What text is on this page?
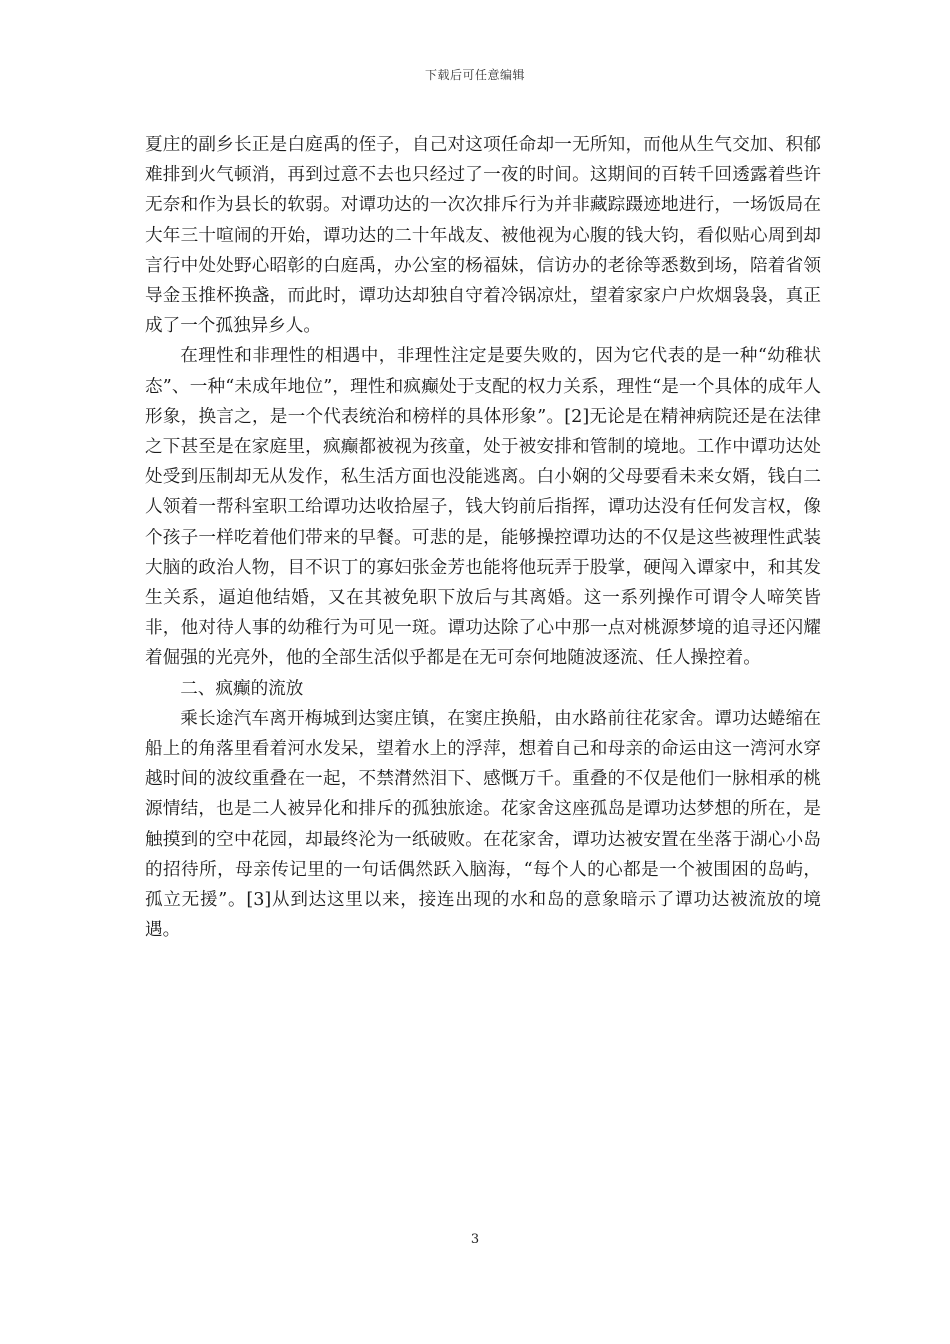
下载后可任意编辑

夏庄的副乡长正是白庭禹的侄子，自己对这项任命却一无所知，而他从生气交加、积郁难排到火气顿消，再到过意不去也只经过了一夜的时间。这期间的百转千回透露着些许无奈和作为县长的软弱。对谭功达的一次次排斥行为并非藏踪蹑迹地进行，一场饭局在大年三十喧闹的开始，谭功达的二十年战友、被他视为心腹的钱大钧，看似贴心周到却言行中处处野心昭彰的白庭禹，办公室的杨福妹，信访办的老徐等悉数到场，陪着省领导金玉推杯换盏，而此时，谭功达却独自守着冷锅凉灶，望着家家户户炊烟袅袅，真正成了一个孤独异乡人。

在理性和非理性的相遇中，非理性注定是要失败的，因为它代表的是一种“幼稚状态”、一种“未成年地位”，理性和疯癫处于支配的权力关系，理性“是一个具体的成年人形象，换言之，是一个代表统治和榜样的具体形象”。[2]无论是在精神病院还是在法律之下甚至是在家庭里，疯癫都被视为孩童，处于被安排和管制的境地。工作中谭功达处处受到压制却无从发作，私生活方面也没能逃离。白小娴的父母要看未来女婿，钱白二人领着一帮科室职工给谭功达收拾屋子，钱大钧前后指挥，谭功达没有任何发言权，像个孩子一样吃着他们带来的早餐。可悲的是，能够操控谭功达的不仅是这些被理性武装大脑的政治人物，目不识丁的寡妇张金芳也能将他玩弄于股掌，硬闯入谭家中，和其发生关系，逼迫他结婚，又在其被免职下放后与其离婚。这一系列操作可谓令人啼笑皆非，他对待人事的幼稚行为可见一斑。谭功达除了心中那一点对桃源梦境的追寻还闪耀着倔强的光亮外，他的全部生活似乎都是在无可奈何地随波逐流、任人操控着。

二、疯癫的流放

乘长途汽车离开梅城到达窦庄镇，在窦庄换船，由水路前往花家舍。谭功达蜷缩在船上的角落里看着河水发呆，望着水上的浮萍，想着自己和母亲的命运由这一湾河水穿越时间的波纹重叠在一起，不禁潸然泪下、感慨万千。重叠的不仅是他们一脉相承的桃源情结，也是二人被异化和排斥的孤独旅途。花家舍这座孤岛是谭功达梦想的所在，是触摸到的空中花园，却最终沦为一纸破败。在花家舍，谭功达被安置在坐落于湖心小岛的招待所，母亲传记里的一句话偶然跃入脑海，“每个人的心都是一个被围困的岛屿，孤立无援”。[3]从到达这里以来，接连出现的水和岛的意象暗示了谭功达被流放的境遇。

3
